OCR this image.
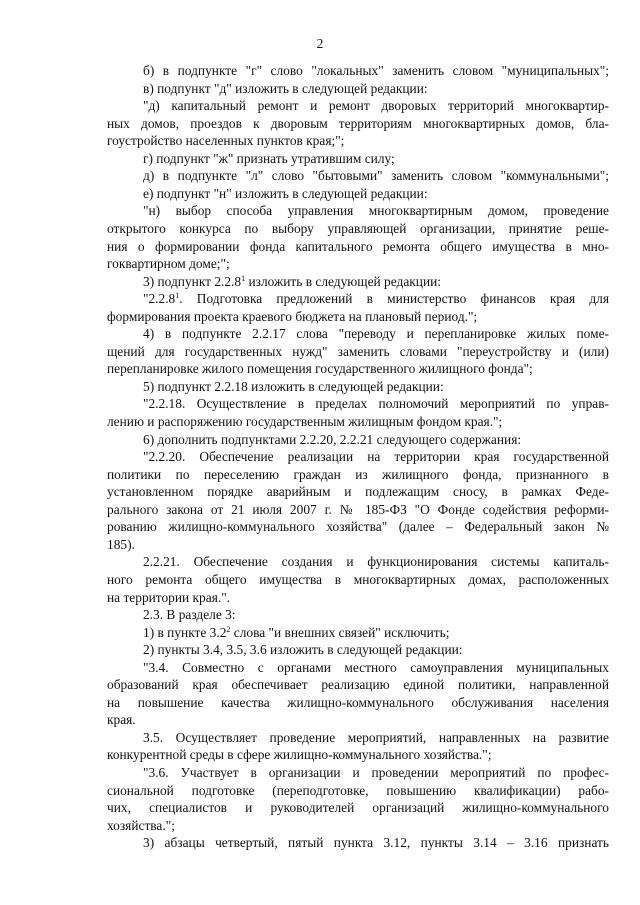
2
б) в подпункте "г" слово "локальных" заменить словом "муниципальных";
в) подпункт "д" изложить в следующей редакции:
"д) капитальный ремонт и ремонт дворовых территорий многоквартир-
ных домов, проездов к дворовым территориям многоквартирных домов, бла-
гоустройство населенных пунктов края;";
г) подпункт "ж" признать утратившим силу;
д) в подпункте "л" слово "бытовыми" заменить словом "коммунальными";
е) подпункт "н" изложить в следующей редакции:
"н) выбор способа управления многоквартирным домом, проведение
открытого конкурса по выбору управляющей организации, принятие реше-
ния о формировании фонда капитального ремонта общего имущества в мно-
гоквартирном доме;";
3) подпункт 2.2.8$^1$ изложить в следующей редакции:
"2.2.8$^1$. Подготовка предложений в министерство финансов края для
формирования проекта краевого бюджета на плановый период.";
4) в подпункте 2.2.17 слова "переводу и перепланировке жилых поме-
щений для государственных нужд" заменить словами "переустройству и (или)
перепланировке жилого помещения государственного жилищного фонда";
5) подпункт 2.2.18 изложить в следующей редакции:
"2.2.18. Осуществление в пределах полномочий мероприятий по управ-
лению и распоряжению государственным жилищным фондом края.";
6) дополнить подпунктами 2.2.20, 2.2.21 следующего содержания:
"2.2.20. Обеспечение реализации на территории края государственной
политики по переселению граждан из жилищного фонда, признанного в
установленном порядке аварийным и подлежащим сносу, в рамках Феде-
рального закона от 21 июля 2007 г. № 185-ФЗ "О Фонде содействия реформи-
рованию жилищно-коммунального хозяйства" (далее – Федеральный закон №
185).
2.2.21. Обеспечение создания и функционирования системы капиталь-
ного ремонта общего имущества в многоквартирных домах, расположенных
на территории края.".
2.3. В разделе 3:
1) в пункте $3.2^2$ слова "и внешних связей" исключить;
2) пункты 3.4, 3.5, 3.6 изложить в следующей редакции:
"3.4. Совместно с органами местного самоуправления муниципальных
образований края обеспечивает реализацию единой политики, направленной
на повышение качества жилищно-коммунального обслуживания населения
края.
3.5. Осуществляет проведение мероприятий, направленных на развитие
конкурентной среды в сфере жилищно-коммунального хозяйства.";
"3.6. Участвует в организации и проведении мероприятий по профес-
сиональной подготовке (переподготовке, повышению квалификации) рабо-
чих, специалистов и руководителей организаций жилищно-коммунального
хозяйства.";
3) абзацы четвертый, пятый пункта 3.12, пункты 3.14 – 3.16 признать
